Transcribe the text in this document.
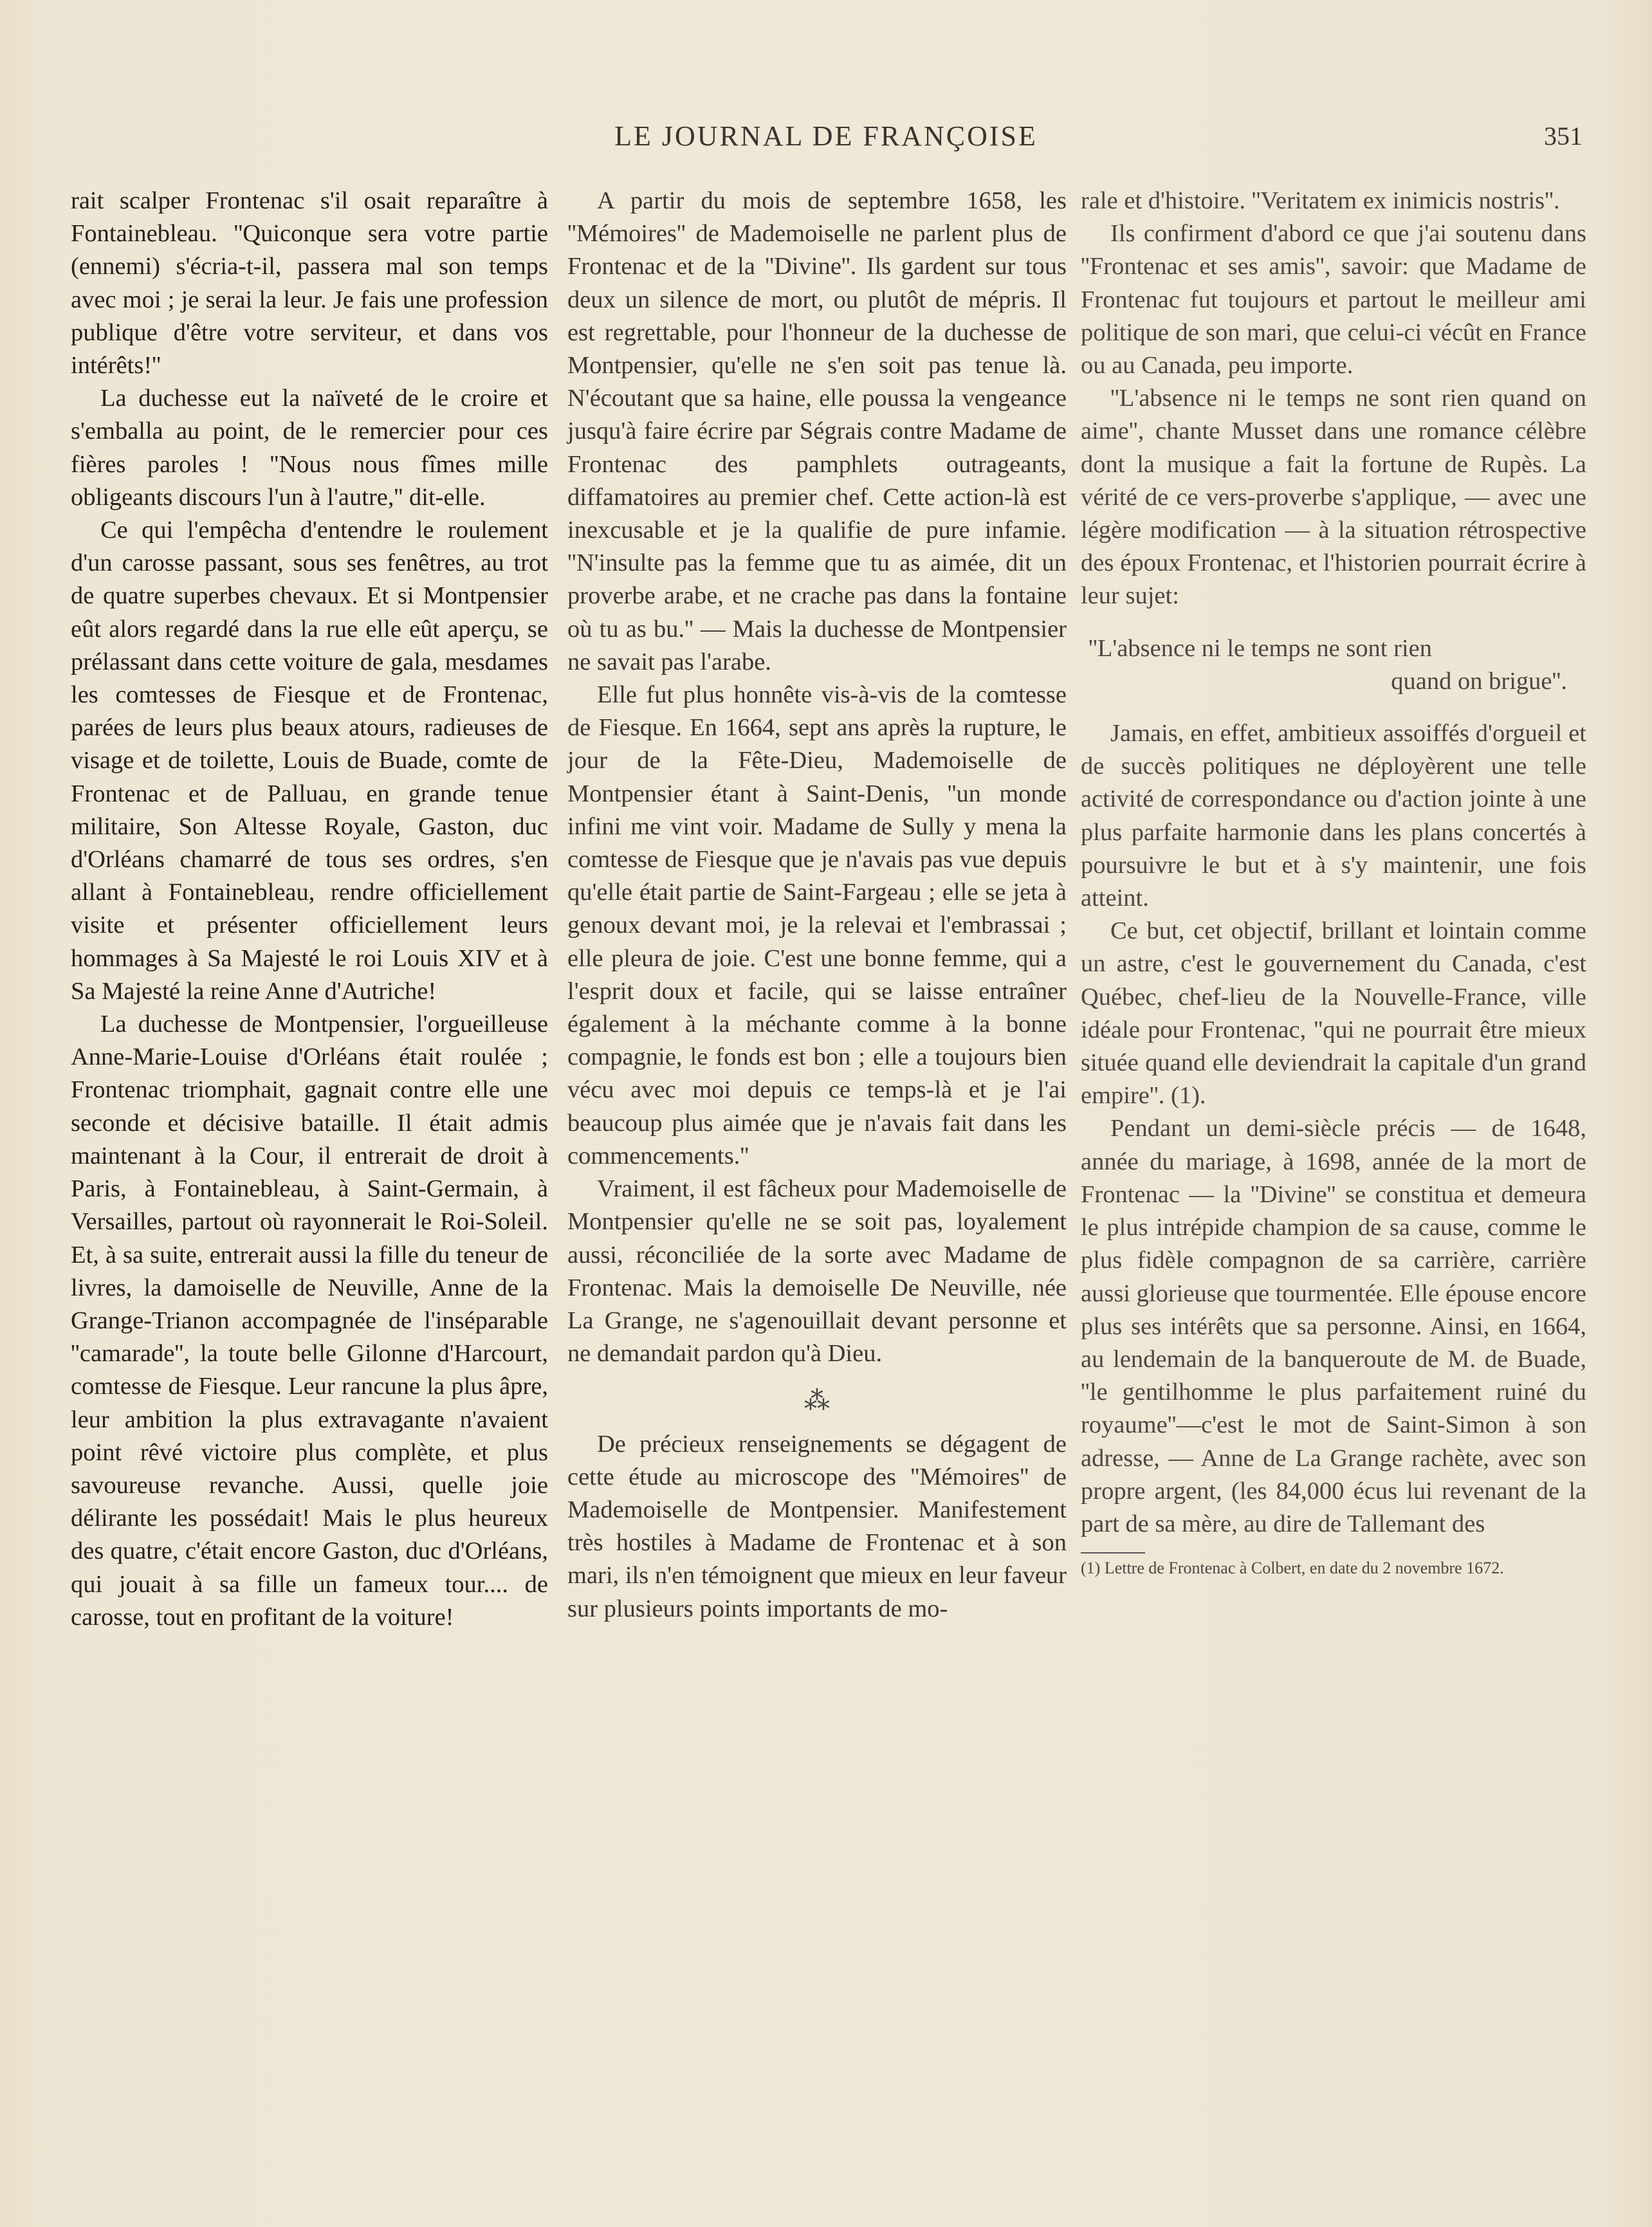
LE JOURNAL DE FRANÇOISE	351

rait scalper Frontenac s'il osait reparaître à Fontainebleau. ''Quiconque sera votre partie (ennemi) s'écria-t-il, passera mal son temps avec moi ; je serai la leur. Je fais une profession publique d'être votre serviteur, et dans vos intérêts!''

La duchesse eut la naïveté de le croire et s'emballa au point, de le remercier pour ces fières paroles ! ''Nous nous fîmes mille obligeants discours l'un à l'autre,'' dit-elle.

Ce qui l'empêcha d'entendre le roulement d'un carosse passant, sous ses fenêtres, au trot de quatre superbes chevaux. Et si Montpensier eût alors regardé dans la rue elle eût aperçu, se prélassant dans cette voiture de gala, mesdames les comtesses de Fiesque et de Frontenac, parées de leurs plus beaux atours, radieuses de visage et de toilette, Louis de Buade, comte de Frontenac et de Palluau, en grande tenue militaire, Son Altesse Royale, Gaston, duc d'Orléans chamarré de tous ses ordres, s'en allant à Fontainebleau, rendre officiellement visite et présenter officiellement leurs hommages à Sa Majesté le roi Louis XIV et à Sa Majesté la reine Anne d'Autriche!

La duchesse de Montpensier, l'orgueilleuse Anne-Marie-Louise d'Orléans était roulée ; Frontenac triomphait, gagnait contre elle une seconde et décisive bataille. Il était admis maintenant à la Cour, il entrerait de droit à Paris, à Fontainebleau, à Saint-Germain, à Versailles, partout où rayonnerait le Roi-Soleil. Et, à sa suite, entrerait aussi la fille du teneur de livres, la damoiselle de Neuville, Anne de la Grange-Trianon accompagnée de l'inséparable ''camarade'', la toute belle Gilonne d'Harcourt, comtesse de Fiesque. Leur rancune la plus âpre, leur ambition la plus extravagante n'avaient point rêvé victoire plus complète, et plus savoureuse revanche. Aussi, quelle joie délirante les possédait! Mais le plus heureux des quatre, c'était encore Gaston, duc d'Orléans, qui jouait à sa fille un fameux tour.... de carosse, tout en profitant de la voiture!

A partir du mois de septembre 1658, les ''Mémoires'' de Mademoiselle ne parlent plus de Frontenac et de la ''Divine''. Ils gardent sur tous deux un silence de mort, ou plutôt de mépris. Il est regrettable, pour l'honneur de la duchesse de Montpensier, qu'elle ne s'en soit pas tenue là. N'écoutant que sa haine, elle poussa la vengeance jusqu'à faire écrire par Ségrais contre Madame de Frontenac des pamphlets outrageants, diffamatoires au premier chef. Cette action-là est inexcusable et je la qualifie de pure infamie. ''N'insulte pas la femme que tu as aimée, dit un proverbe arabe, et ne crache pas dans la fontaine où tu as bu.'' — Mais la duchesse de Montpensier ne savait pas l'arabe.

Elle fut plus honnête vis-à-vis de la comtesse de Fiesque. En 1664, sept ans après la rupture, le jour de la Fête-Dieu, Mademoiselle de Montpensier étant à Saint-Denis, ''un monde infini me vint voir. Madame de Sully y mena la comtesse de Fiesque que je n'avais pas vue depuis qu'elle était partie de Saint-Fargeau ; elle se jeta à genoux devant moi, je la relevai et l'embrassai ; elle pleura de joie. C'est une bonne femme, qui a l'esprit doux et facile, qui se laisse entraîner également à la méchante comme à la bonne compagnie, le fonds est bon ; elle a toujours bien vécu avec moi depuis ce temps-là et je l'ai beaucoup plus aimée que je n'avais fait dans les commencements.''

Vraiment, il est fâcheux pour Mademoiselle de Montpensier qu'elle ne se soit pas, loyalement aussi, réconciliée de la sorte avec Madame de Frontenac. Mais la demoiselle De Neuville, née La Grange, ne s'agenouillait devant personne et ne demandait pardon qu'à Dieu.

⁂

De précieux renseignements se dégagent de cette étude au microscope des ''Mémoires'' de Mademoiselle de Montpensier. Manifestement très hostiles à Madame de Frontenac et à son mari, ils n'en témoignent que mieux en leur faveur sur plusieurs points importants de mo-

rale et d'histoire. ''Veritatem ex inimicis nostris''.

Ils confirment d'abord ce que j'ai soutenu dans ''Frontenac et ses amis'', savoir: que Madame de Frontenac fut toujours et partout le meilleur ami politique de son mari, que celui-ci vécût en France ou au Canada, peu importe.

''L'absence ni le temps ne sont rien quand on aime'', chante Musset dans une romance célèbre dont la musique a fait la fortune de Rupès. La vérité de ce vers-proverbe s'applique, — avec une légère modification — à la situation rétrospective des époux Frontenac, et l'historien pourrait écrire à leur sujet:

''L'absence ni le temps ne sont rien
quand on brigue''.

Jamais, en effet, ambitieux assoiffés d'orgueil et de succès politiques ne déployèrent une telle activité de correspondance ou d'action jointe à une plus parfaite harmonie dans les plans concertés à poursuivre le but et à s'y maintenir, une fois atteint.

Ce but, cet objectif, brillant et lointain comme un astre, c'est le gouvernement du Canada, c'est Québec, chef-lieu de la Nouvelle-France, ville idéale pour Frontenac, ''qui ne pourrait être mieux située quand elle deviendrait la capitale d'un grand empire''. (1).

Pendant un demi-siècle précis — de 1648, année du mariage, à 1698, année de la mort de Frontenac — la ''Divine'' se constitua et demeura le plus intrépide champion de sa cause, comme le plus fidèle compagnon de sa carrière, carrière aussi glorieuse que tourmentée. Elle épouse encore plus ses intérêts que sa personne. Ainsi, en 1664, au lendemain de la banqueroute de M. de Buade, ''le gentilhomme le plus parfaitement ruiné du royaume''—c'est le mot de Saint-Simon à son adresse, — Anne de La Grange rachète, avec son propre argent, (les 84,000 écus lui revenant de la part de sa mère, au dire de Tallemant des

(1) Lettre de Frontenac à Colbert, en date du 2 novembre 1672.
